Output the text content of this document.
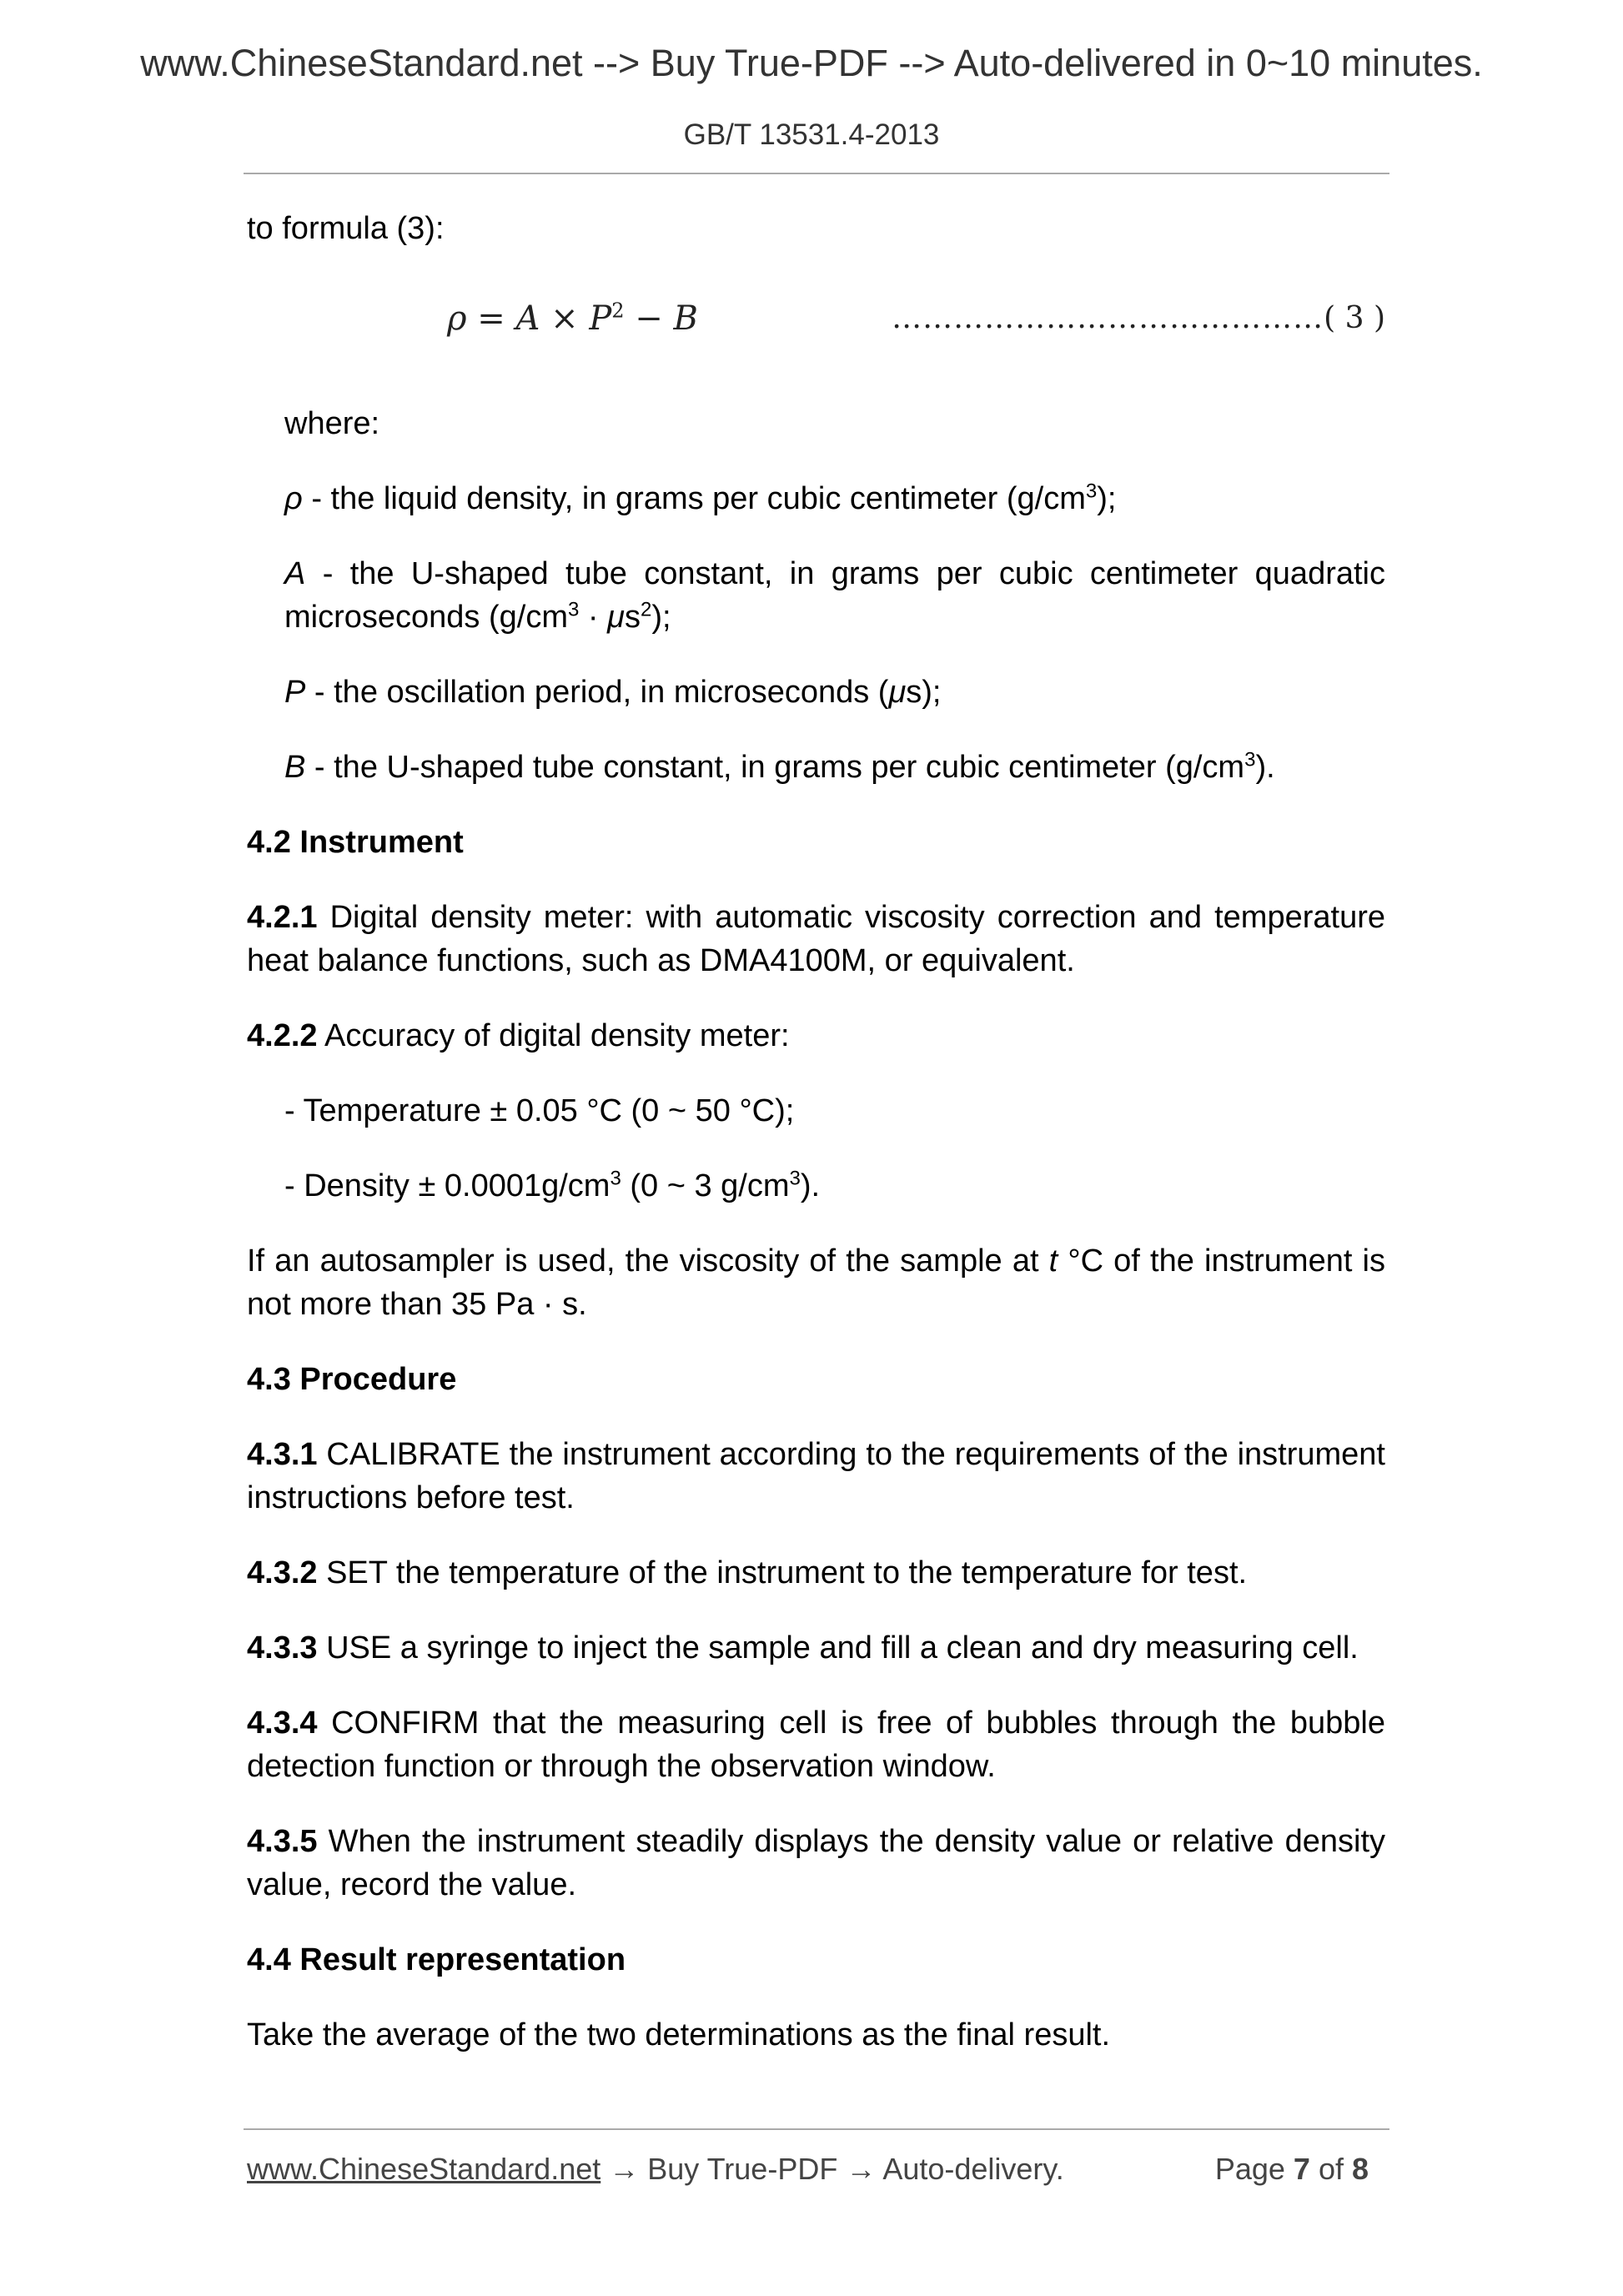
www.ChineseStandard.net --> Buy True-PDF --> Auto-delivered in 0~10 minutes.
GB/T 13531.4-2013

to formula (3):

$\rho = A \times P^2 - B$	……………………………………( 3 )

where:

ρ - the liquid density, in grams per cubic centimeter $(g/cm^3)$;

A - the U-shaped tube constant, in grams per cubic centimeter quadratic microseconds $(g/cm^3 \cdot \mu s^2)$;

P - the oscillation period, in microseconds (μs);

B - the U-shaped tube constant, in grams per cubic centimeter $(g/cm^3)$.

4.2 Instrument

4.2.1 Digital density meter: with automatic viscosity correction and temperature heat balance functions, such as DMA4100M, or equivalent.

4.2.2 Accuracy of digital density meter:

- Temperature ± 0.05 °C (0 ~ 50 °C);

- Density ± $0.0001g/cm^3$ (0 ~ 3 $g/cm^3$).

If an autosampler is used, the viscosity of the sample at t °C of the instrument is not more than 35 Pa · s.

4.3 Procedure

4.3.1 CALIBRATE the instrument according to the requirements of the instrument instructions before test.

4.3.2 SET the temperature of the instrument to the temperature for test.

4.3.3 USE a syringe to inject the sample and fill a clean and dry measuring cell.

4.3.4 CONFIRM that the measuring cell is free of bubbles through the bubble detection function or through the observation window.

4.3.5 When the instrument steadily displays the density value or relative density value, record the value.

4.4 Result representation

Take the average of the two determinations as the final result.

www.ChineseStandard.net → Buy True-PDF → Auto-delivery.	Page 7 of 8
